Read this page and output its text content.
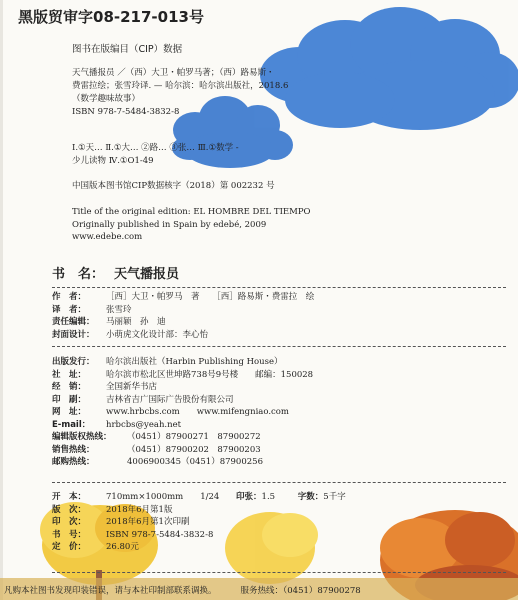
黑版贸审字08-217-013号
图书在版编目（CIP）数据
天气播报员 ／（西）大卫・帕罗马著；（西）路易斯・
费雷拉绘；张雪玲译. — 哈尔滨：哈尔滨出版社，2018.6
（数学趣味故事）
ISBN 978-7-5484-3832-8
Ⅰ.①天… Ⅱ.①大… ②路… ③张… Ⅲ.①数学 -
少儿读物 Ⅳ.①O1-49
中国版本图书馆CIP数据核字（2018）第 002232 号
Title of the original edition: EL HOMBRE DEL TIEMPO
Originally published in Spain by edebé, 2009
www.edebe.com
书　名： 天气播报员
作　者： ［西］大卫・帕罗马　著　　［西］路易斯・费雷拉　绘
译　者： 张雪玲
责任编辑： 马丽颖　孙　迪
封面设计： 小萌虎文化设计部：李心怡
出版发行： 哈尔滨出版社（Harbin Publishing House）
社　址： 哈尔滨市松北区世坤路738号9号楼　　邮编：150028
经　销： 全国新华书店
印　刷： 吉林省吉广国际广告股份有限公司
网　址： www.hrbcbs.com　　www.mifengniao.com
E-mail： hrbcbs@yeah.net
编辑版权热线： （0451）87900271　87900272
销售热线：	（0451）87900202　87900203
邮购热线：	4006900345（0451）87900256
开　本： 710mm×1000mm　　1/24 印张：1.5	字数：5千字
版　次： 2018年6月第1版
印　次： 2018年6月第1次印刷
书　号： ISBN 978-7-5484-3832-8
定　价： 26.80元
凡购本社图书发现印装错误，请与本社印制部联系调换。	服务热线：（0451）87900278
